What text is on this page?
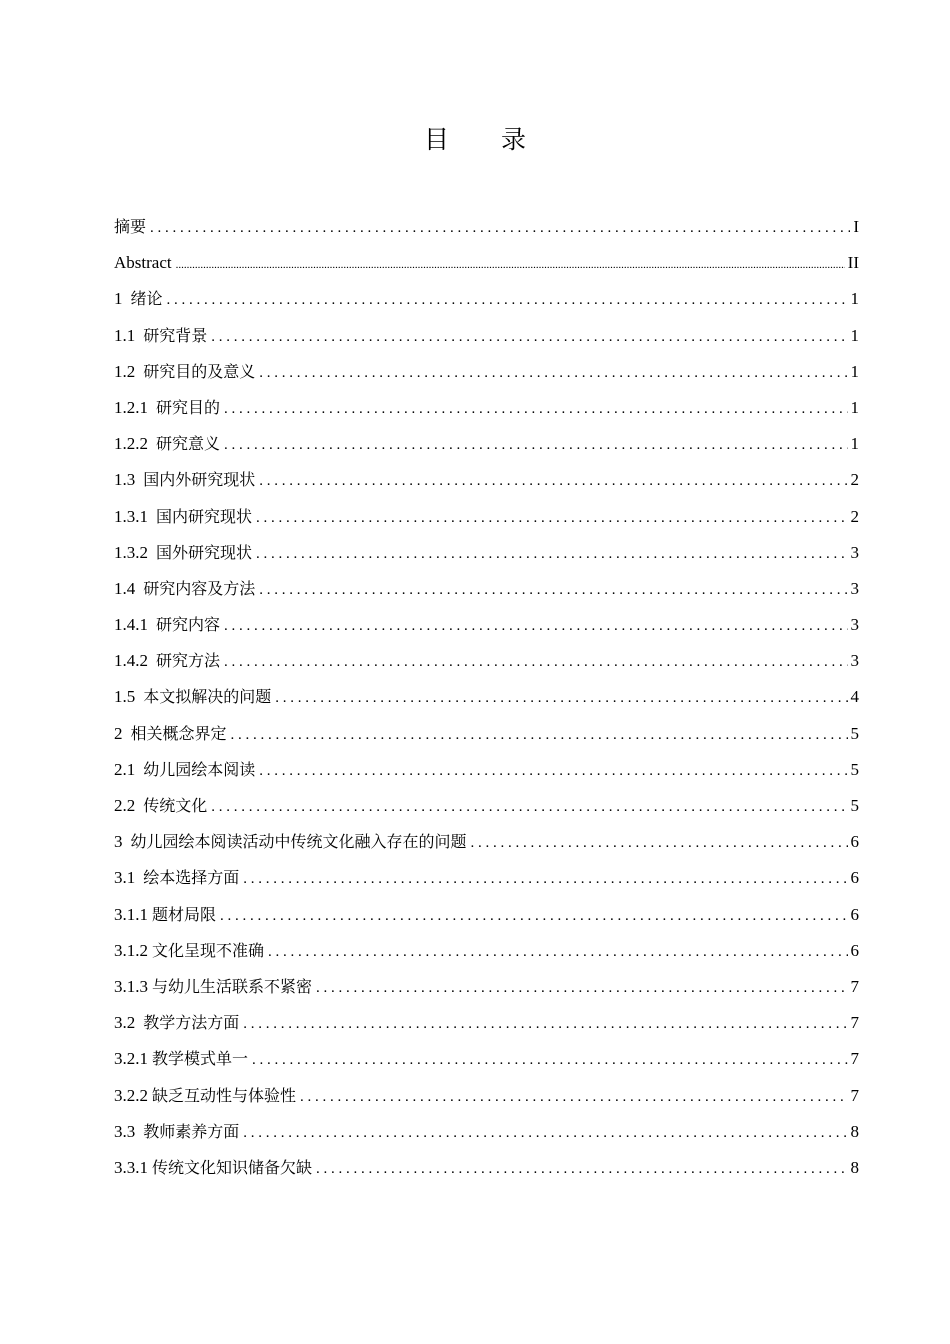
目 录
摘要 . . .	I
Abstract .....	II
1 绪论 . . .	1
1.1 研究背景 . . .	1
1.2 研究目的及意义 . . .	1
1.2.1 研究目的 . . .	1
1.2.2 研究意义 . . .	1
1.3 国内外研究现状 . . .	2
1.3.1 国内研究现状 . . .	2
1.3.2 国外研究现状 . . .	3
1.4 研究内容及方法 . . .	3
1.4.1 研究内容 . . .	3
1.4.2 研究方法 . . .	3
1.5 本文拟解决的问题 . . .	4
2 相关概念界定 . . .	5
2.1 幼儿园绘本阅读 . . .	5
2.2 传统文化 . . .	5
3 幼儿园绘本阅读活动中传统文化融入存在的问题 . . .	6
3.1 绘本选择方面 . . .	6
3.1.1 题材局限 . . .	6
3.1.2 文化呈现不准确 . . .	6
3.1.3 与幼儿生活联系不紧密 . . .	7
3.2 教学方法方面 . . .	7
3.2.1 教学模式单一 . . .	7
3.2.2 缺乏互动性与体验性 . . .	7
3.3 教师素养方面 . . .	8
3.3.1 传统文化知识储备欠缺 . . .	8
